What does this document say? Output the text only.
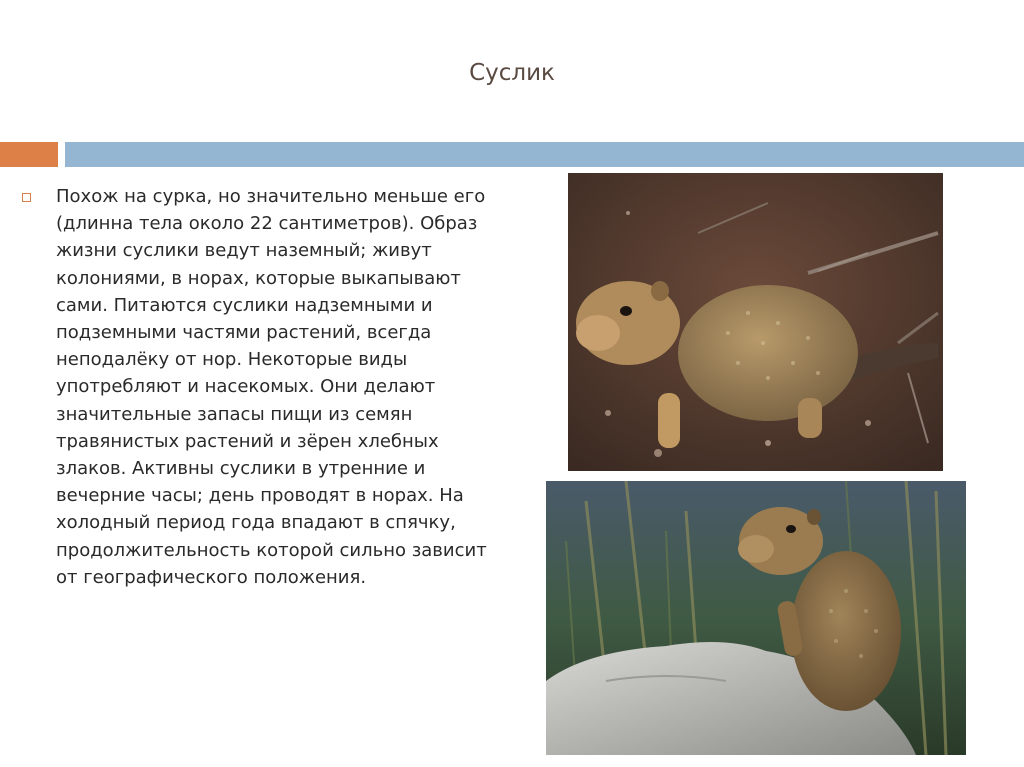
Суслик
Похож на сурка, но значительно меньше его (длинна тела около 22 сантиметров). Образ жизни суслики ведут наземный; живут колониями, в норах, которые выкапывают сами. Питаются суслики надземными и подземными частями растений, всегда неподалёку от нор. Некоторые виды употребляют и насекомых. Они делают значительные запасы пищи из семян травянистых растений и зёрен хлебных злаков. Активны суслики в утренние и вечерние часы; день проводят в норах. На холодный период года впадают в спячку, продолжительность которой сильно зависит от географического положения.
